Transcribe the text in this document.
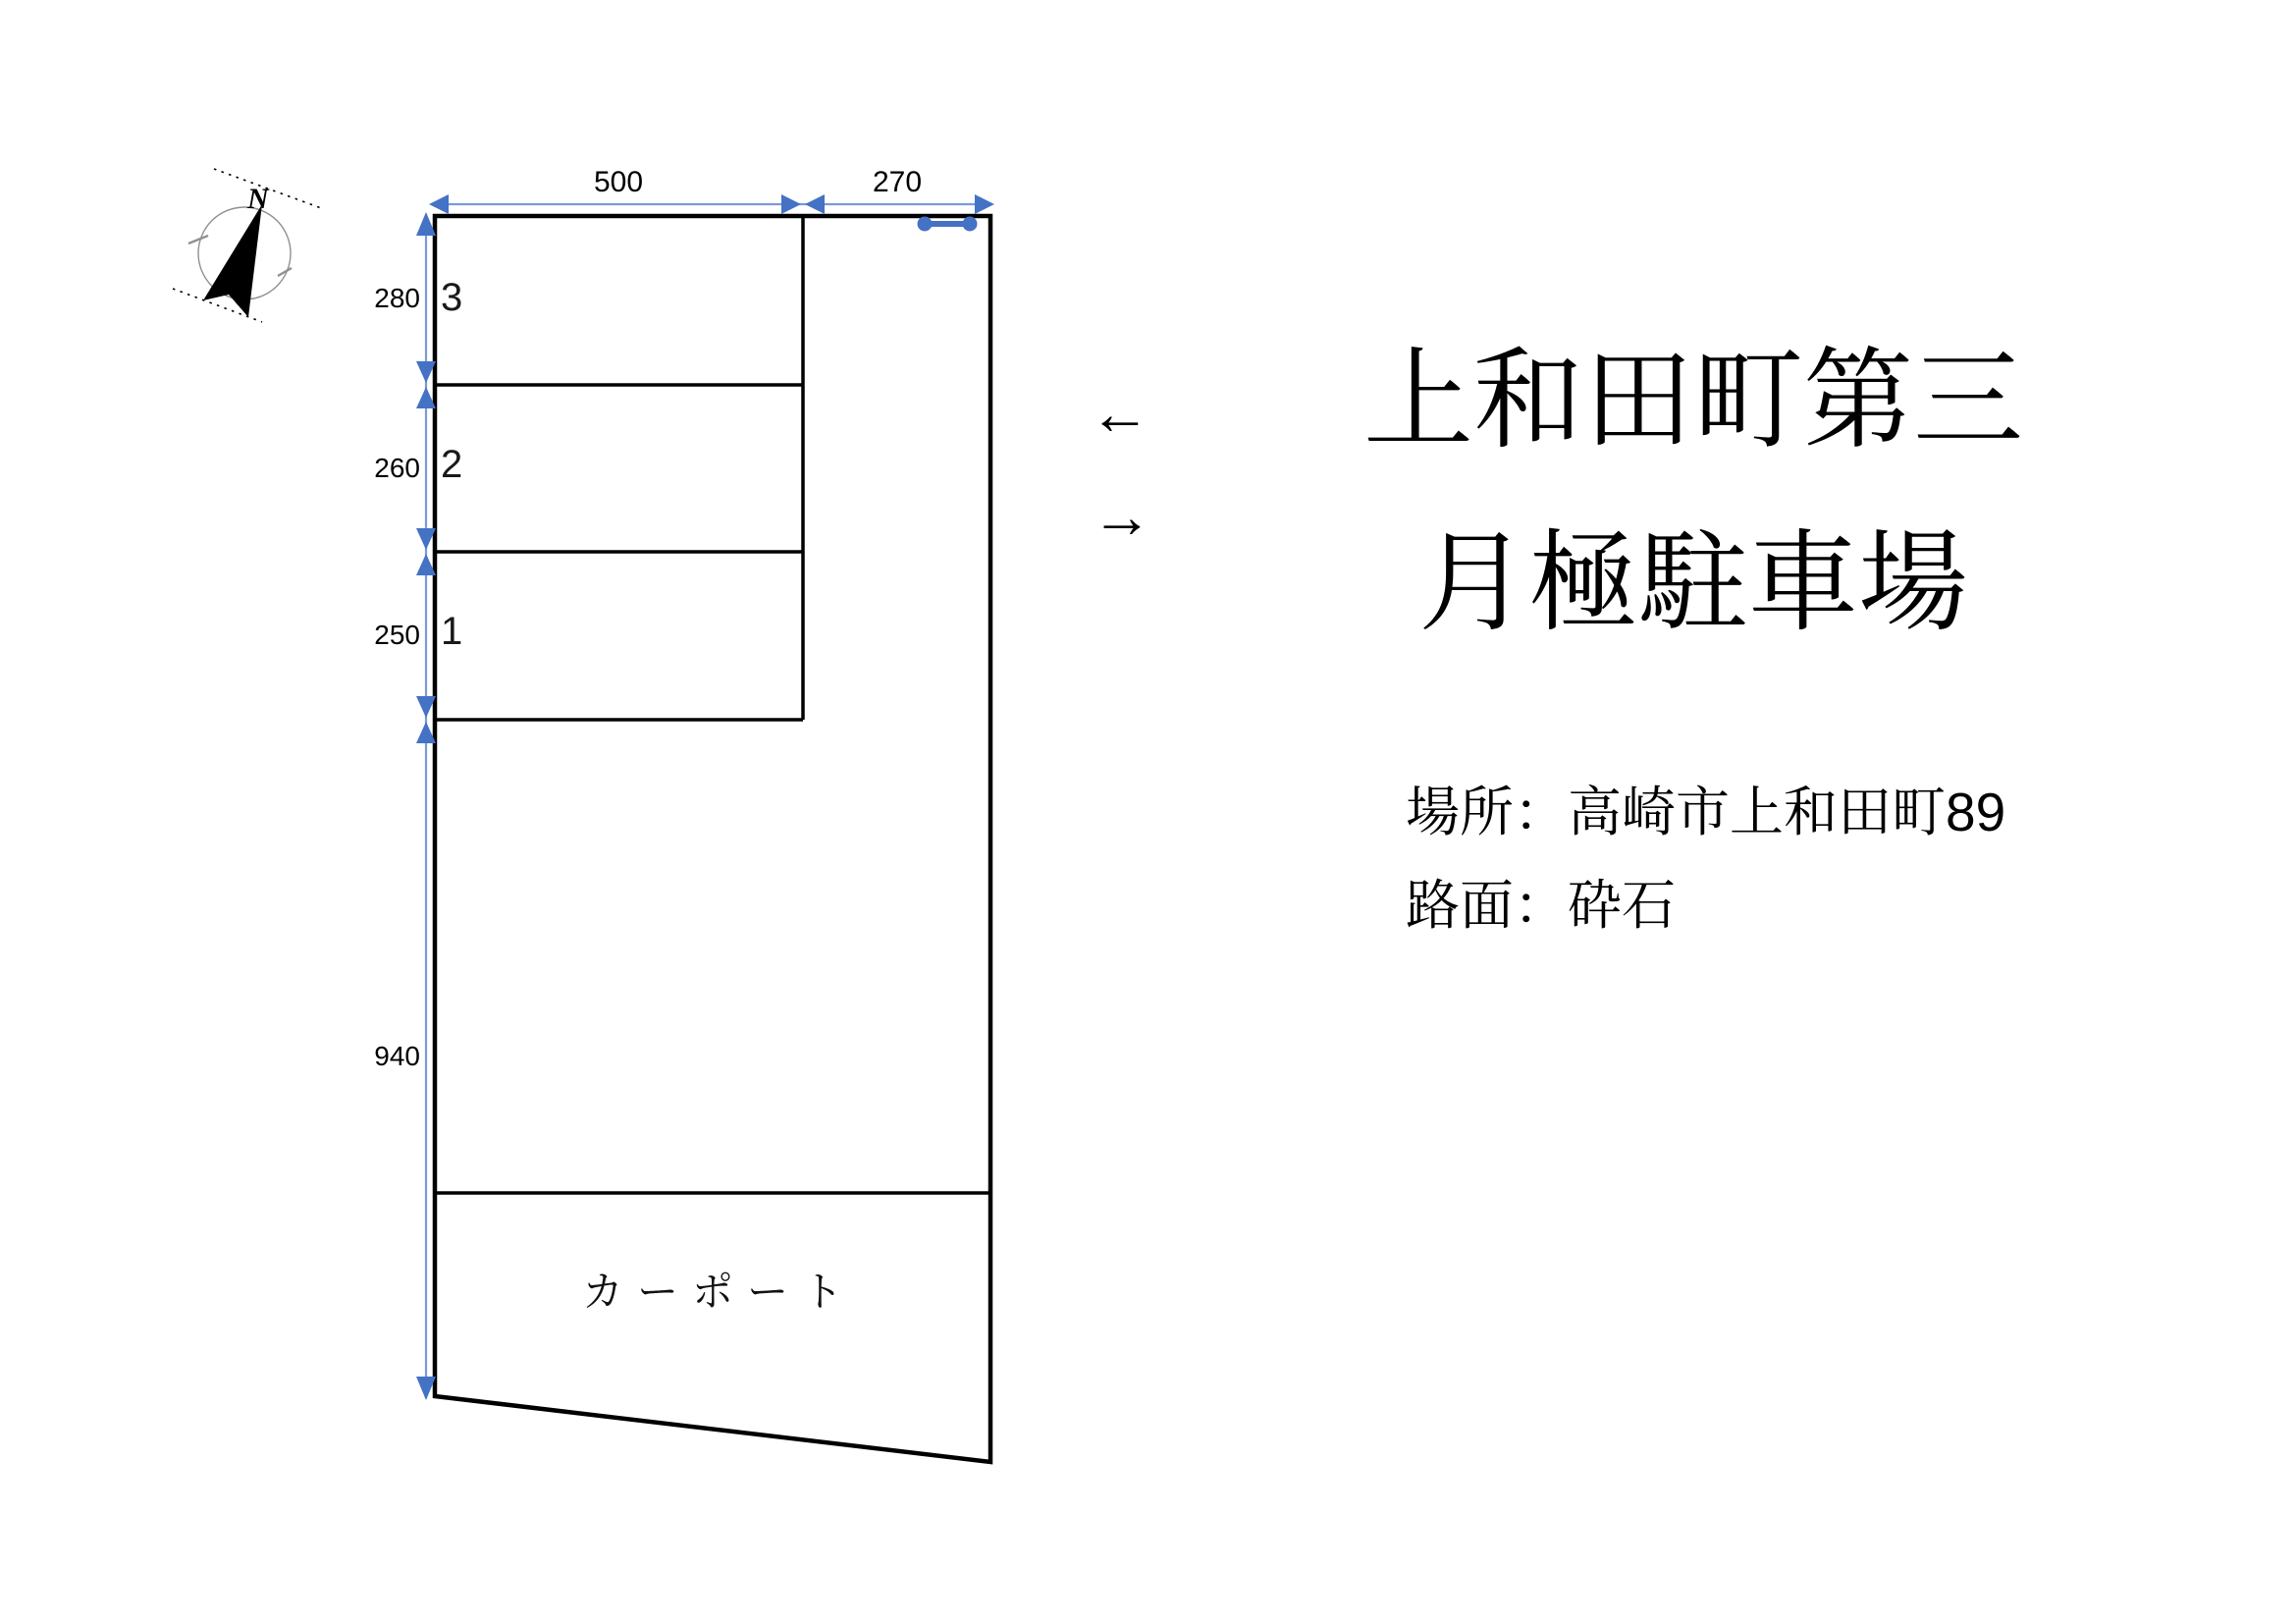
N
500	270
280
260
250
940
3
2
1
カーポート
←
→
上和田町第三
月極駐車場
場所：高崎市上和田町89
路面：砕石
